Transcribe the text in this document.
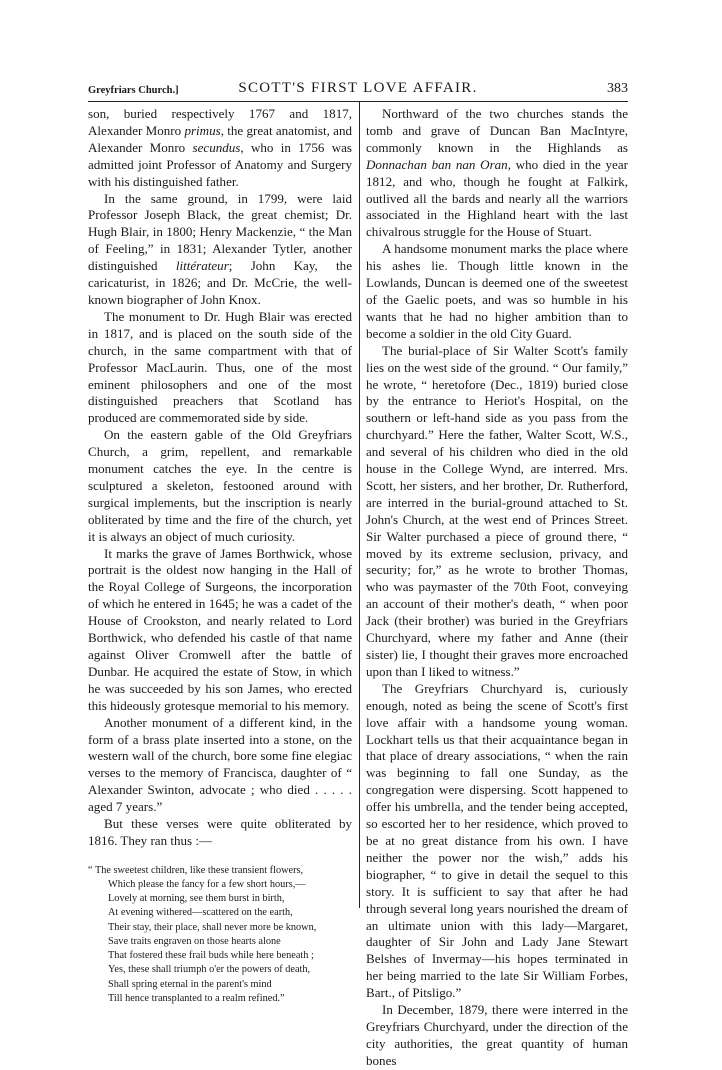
Greyfriars Church.]	SCOTT'S FIRST LOVE AFFAIR.	383

son, buried respectively 1767 and 1817, Alexander Monro primus, the great anatomist, and Alexander Monro secundus, who in 1756 was admitted joint Professor of Anatomy and Surgery with his distinguished father.

In the same ground, in 1799, were laid Professor Joseph Black, the great chemist; Dr. Hugh Blair, in 1800; Henry Mackenzie, “ the Man of Feeling,” in 1831; Alexander Tytler, another distinguished littérateur; John Kay, the caricaturist, in 1826; and Dr. McCrie, the well-known biographer of John Knox.

The monument to Dr. Hugh Blair was erected in 1817, and is placed on the south side of the church, in the same compartment with that of Professor MacLaurin. Thus, one of the most eminent philosophers and one of the most distinguished preachers that Scotland has produced are commemorated side by side.

On the eastern gable of the Old Greyfriars Church, a grim, repellent, and remarkable monument catches the eye. In the centre is sculptured a skeleton, festooned around with surgical implements, but the inscription is nearly obliterated by time and the fire of the church, yet it is always an object of much curiosity.

It marks the grave of James Borthwick, whose portrait is the oldest now hanging in the Hall of the Royal College of Surgeons, the incorporation of which he entered in 1645; he was a cadet of the House of Crookston, and nearly related to Lord Borthwick, who defended his castle of that name against Oliver Cromwell after the battle of Dunbar. He acquired the estate of Stow, in which he was succeeded by his son James, who erected this hideously grotesque memorial to his memory.

Another monument of a different kind, in the form of a brass plate inserted into a stone, on the western wall of the church, bore some fine elegiac verses to the memory of Francisca, daughter of “ Alexander Swinton, advocate ; who died . . . . . aged 7 years.”

But these verses were quite obliterated by 1816. They ran thus :—

“ The sweetest children, like these transient flowers,
Which please the fancy for a few short hours,—
Lovely at morning, see them burst in birth,
At evening withered—scattered on the earth,
Their stay, their place, shall never more be known,
Save traits engraven on those hearts alone
That fostered these frail buds while here beneath ;
Yes, these shall triumph o'er the powers of death,
Shall spring eternal in the parent's mind
Till hence transplanted to a realm refined.”

Northward of the two churches stands the tomb and grave of Duncan Ban MacIntyre, commonly known in the Highlands as Donnachan ban nan Oran, who died in the year 1812, and who, though he fought at Falkirk, outlived all the bards and nearly all the warriors associated in the Highland heart with the last chivalrous struggle for the House of Stuart.

A handsome monument marks the place where his ashes lie. Though little known in the Lowlands, Duncan is deemed one of the sweetest of the Gaelic poets, and was so humble in his wants that he had no higher ambition than to become a soldier in the old City Guard.

The burial-place of Sir Walter Scott's family lies on the west side of the ground. “ Our family,” he wrote, “ heretofore (Dec., 1819) buried close by the entrance to Heriot's Hospital, on the southern or left-hand side as you pass from the churchyard.” Here the father, Walter Scott, W.S., and several of his children who died in the old house in the College Wynd, are interred. Mrs. Scott, her sisters, and her brother, Dr. Rutherford, are interred in the burial-ground attached to St. John's Church, at the west end of Princes Street. Sir Walter purchased a piece of ground there, “ moved by its extreme seclusion, privacy, and security; for,” as he wrote to brother Thomas, who was paymaster of the 70th Foot, conveying an account of their mother's death, “ when poor Jack (their brother) was buried in the Greyfriars Churchyard, where my father and Anne (their sister) lie, I thought their graves more encroached upon than I liked to witness.”

The Greyfriars Churchyard is, curiously enough, noted as being the scene of Scott's first love affair with a handsome young woman. Lockhart tells us that their acquaintance began in that place of dreary associations, “ when the rain was beginning to fall one Sunday, as the congregation were dispersing. Scott happened to offer his umbrella, and the tender being accepted, so escorted her to her residence, which proved to be at no great distance from his own. I have neither the power nor the wish,” adds his biographer, “ to give in detail the sequel to this story. It is sufficient to say that after he had through several long years nourished the dream of an ultimate union with this lady—Margaret, daughter of Sir John and Lady Jane Stewart Belshes of Invermay—his hopes terminated in her being married to the late Sir William Forbes, Bart., of Pitsligo.”

In December, 1879, there were interred in the Greyfriars Churchyard, under the direction of the city authorities, the great quantity of human bones
